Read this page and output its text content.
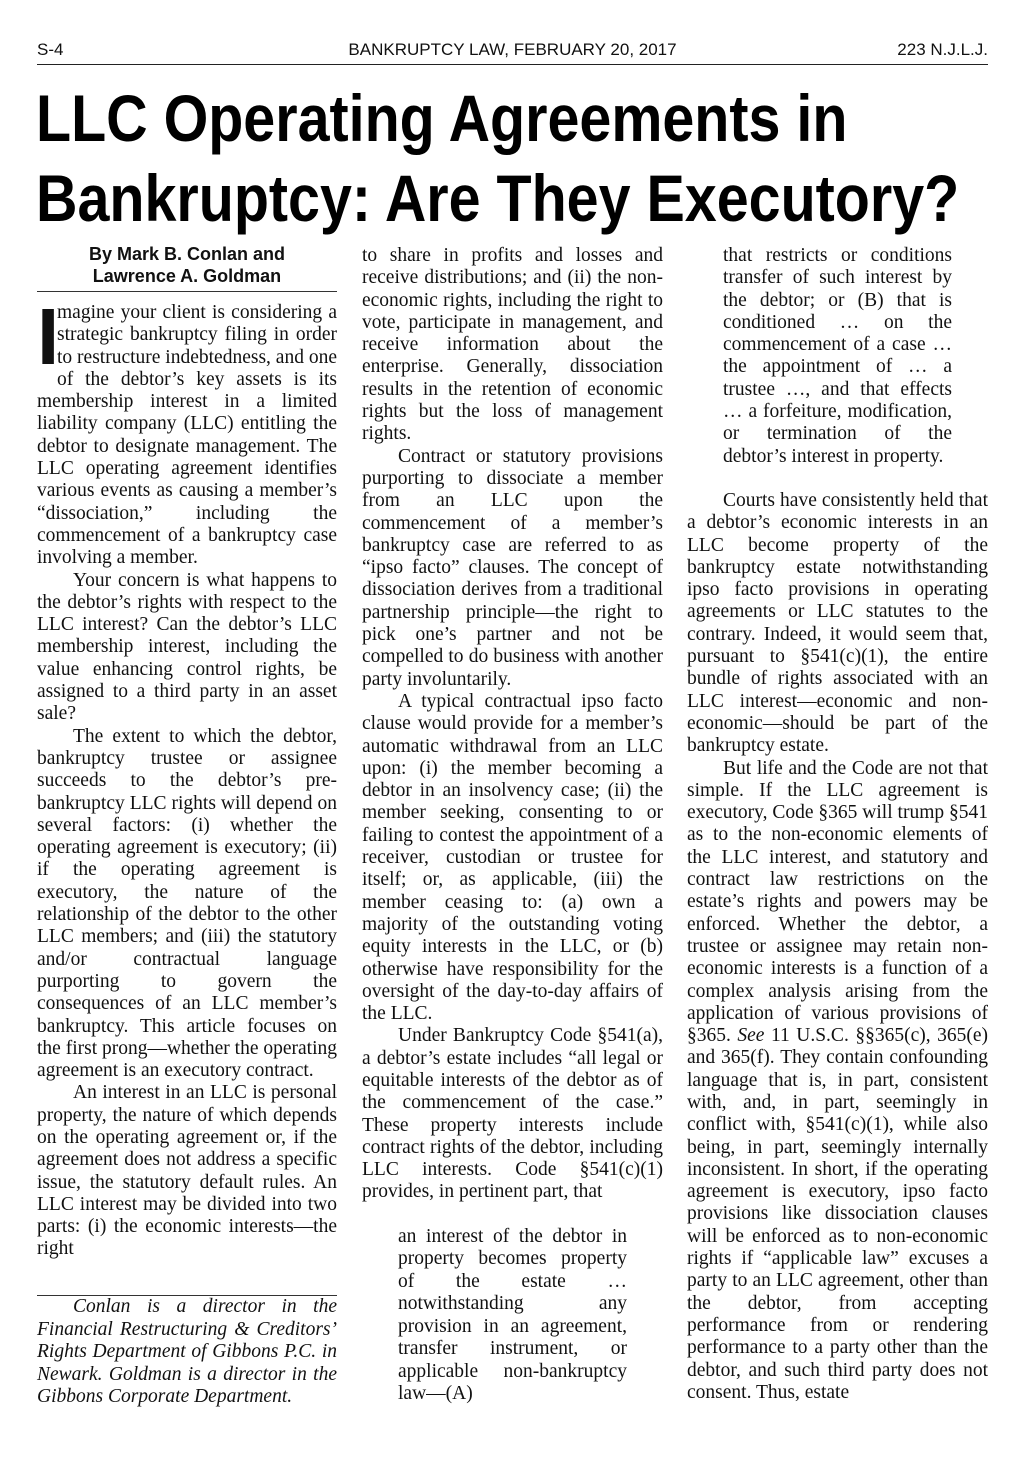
S-4	BANKRUPTCY LAW, FEBRUARY 20, 2017	223 N.J.L.J.
LLC Operating Agreements in
Bankruptcy: Are They Executory?
By Mark B. Conlan and
Lawrence A. Goldman

I
magine your client is considering a strategic bankruptcy filing in order to restructure indebtedness, and one of the debtor’s key assets is its membership interest in a limited liability company (LLC) entitling the debtor to designate management. The LLC operating agreement identifies various events as causing a member’s “dissociation,” including the commencement of a bankruptcy case involving a member.

Your concern is what happens to the debtor’s rights with respect to the LLC interest? Can the debtor’s LLC membership interest, including the value enhancing control rights, be assigned to a third party in an asset sale?

The extent to which the debtor, bankruptcy trustee or assignee succeeds to the debtor’s pre-bankruptcy LLC rights will depend on several factors: (i) whether the operating agreement is executory; (ii) if the operating agreement is executory, the nature of the relationship of the debtor to the other LLC members; and (iii) the statutory and/or contractual language purporting to govern the consequences of an LLC member’s bankruptcy. This article focuses on the first prong—whether the operating agreement is an executory contract.

An interest in an LLC is personal property, the nature of which depends on the operating agreement or, if the agreement does not address a specific issue, the statutory default rules. An LLC interest may be divided into two parts: (i) the economic interests—the right

Conlan is a director in the Financial Restructuring & Creditors’ Rights Department of Gibbons P.C. in Newark. Goldman is a director in the Gibbons Corporate Department.

to share in profits and losses and receive distributions; and (ii) the non-economic rights, including the right to vote, participate in management, and receive information about the enterprise. Generally, dissociation results in the retention of economic rights but the loss of management rights.

Contract or statutory provisions purporting to dissociate a member from an LLC upon the commencement of a member’s bankruptcy case are referred to as “ipso facto” clauses. The concept of dissociation derives from a traditional partnership principle—the right to pick one’s partner and not be compelled to do business with another party involuntarily.

A typical contractual ipso facto clause would provide for a member’s automatic withdrawal from an LLC upon: (i) the member becoming a debtor in an insolvency case; (ii) the member seeking, consenting to or failing to contest the appointment of a receiver, custodian or trustee for itself; or, as applicable, (iii) the member ceasing to: (a) own a majority of the outstanding voting equity interests in the LLC, or (b) otherwise have responsibility for the oversight of the day-to-day affairs of the LLC.

Under Bankruptcy Code §541(a), a debtor’s estate includes “all legal or equitable interests of the debtor as of the commencement of the case.” These property interests include contract rights of the debtor, including LLC interests. Code §541(c)(1) provides, in pertinent part, that

an interest of the debtor in property becomes property of the estate … notwithstanding any provision in an agreement, transfer instrument, or applicable non-bankruptcy law—(A)

that restricts or conditions transfer of such interest by the debtor; or (B) that is conditioned … on the commencement of a case … the appointment of … a trustee …, and that effects … a forfeiture, modification, or termination of the debtor’s interest in property.

Courts have consistently held that a debtor’s economic interests in an LLC become property of the bankruptcy estate notwithstanding ipso facto provisions in operating agreements or LLC statutes to the contrary. Indeed, it would seem that, pursuant to §541(c)(1), the entire bundle of rights associated with an LLC interest—economic and non-economic—should be part of the bankruptcy estate.

But life and the Code are not that simple. If the LLC agreement is executory, Code §365 will trump §541 as to the non-economic elements of the LLC interest, and statutory and contract law restrictions on the estate’s rights and powers may be enforced. Whether the debtor, a trustee or assignee may retain non-economic interests is a function of a complex analysis arising from the application of various provisions of §365. See 11 U.S.C. §§365(c), 365(e) and 365(f). They contain confounding language that is, in part, consistent with, and, in part, seemingly in conflict with, §541(c)(1), while also being, in part, seemingly internally inconsistent. In short, if the operating agreement is executory, ipso facto provisions like dissociation clauses will be enforced as to non-economic rights if “applicable law” excuses a party to an LLC agreement, other than the debtor, from accepting performance from or rendering performance to a party other than the debtor, and such third party does not consent. Thus, estate
